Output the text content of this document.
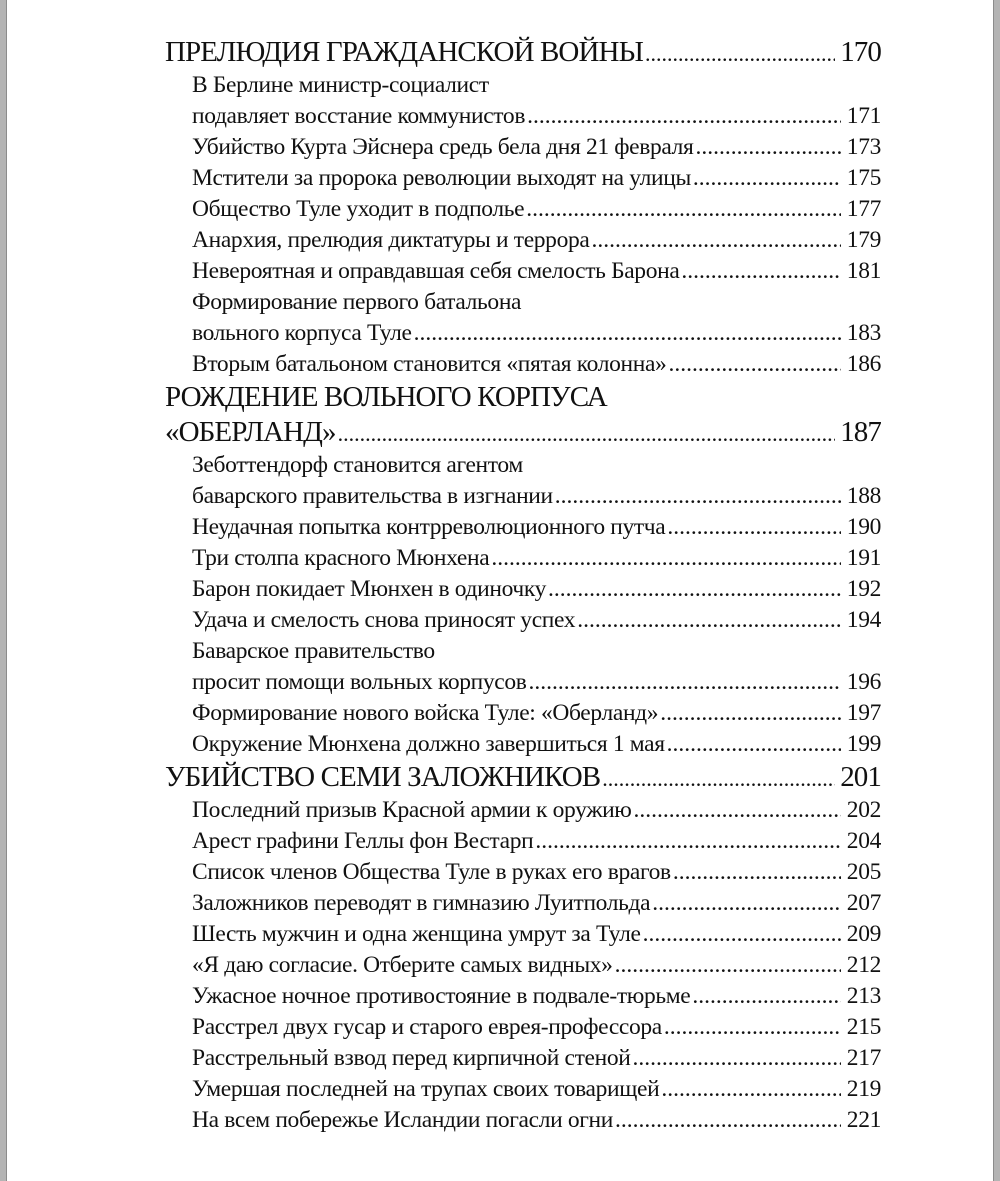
ПРЕЛЮДИЯ ГРАЖДАНСКОЙ ВОЙНЫ .....	170
В Берлине министр-социалист
подавляет восстание коммунистов .....	171
Убийство Курта Эйснера средь бела дня 21 февраля .....	173
Мстители за пророка революции выходят на улицы .....	175
Общество Туле уходит в подполье .....	177
Анархия, прелюдия диктатуры и террора .....	179
Невероятная и оправдавшая себя смелость Барона .....	181
Формирование первого батальона
вольного корпуса Туле .....	183
Вторым батальоном становится «пятая колонна» .....	186
РОЖДЕНИЕ ВОЛЬНОГО КОРПУСА
«ОБЕРЛАНД» .....	187
Зеботтендорф становится агентом
баварского правительства в изгнании .....	188
Неудачная попытка контрреволюционного путча .....	190
Три столпа красного Мюнхена .....	191
Барон покидает Мюнхен в одиночку .....	192
Удача и смелость снова приносят успех .....	194
Баварское правительство
просит помощи вольных корпусов .....	196
Формирование нового войска Туле: «Оберланд» .....	197
Окружение Мюнхена должно завершиться 1 мая .....	199
УБИЙСТВО СЕМИ ЗАЛОЖНИКОВ .....	201
Последний призыв Красной армии к оружию .....	202
Арест графини Геллы фон Вестарп .....	204
Список членов Общества Туле в руках его врагов .....	205
Заложников переводят в гимназию Луитпольда .....	207
Шесть мужчин и одна женщина умрут за Туле .....	209
«Я даю согласие. Отберите самых видных» .....	212
Ужасное ночное противостояние в подвале-тюрьме .....	213
Расстрел двух гусар и старого еврея-профессора .....	215
Расстрельный взвод перед кирпичной стеной .....	217
Умершая последней на трупах своих товарищей .....	219
На всем побережье Исландии погасли огни .....	221
